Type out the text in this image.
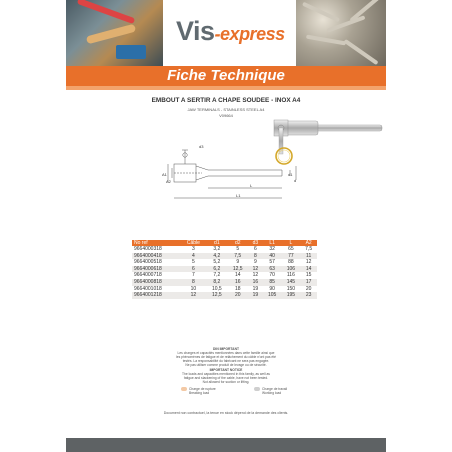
Vis-express
Fiche Technique
EMBOUT A SERTIR A CHAPE SOUDEE - INOX A4
JAW TERMINALS - STAINLESS STEEL A4
V09664
d3
A1
A2
L
L1
d1
d
No ref	Câble	d1	d2	d3	L1	L	A2
9664000318	3	3,2	5	6	32	65	7,5
9664000418	4	4,2	7,5	8	40	77	11
9664000518	5	5,2	9	9	57	88	12
9664000618	6	6,2	12,5	12	63	106	14
9664000718	7	7,2	14	12	70	116	15
9664000818	8	8,2	16	16	85	145	17
9664001018	10	10,5	18	19	90	150	20
9664001218	12	12,5	20	19	105	195	23
DIN IMPORTANT
Les charges et capacités mentionnées dans cette famille ainsi que
les phénomènes de fatigue et de relâchement du câble n'ont pas été
testés. La responsabilité du fabricant ne sera pas engagée.
Ne pas utiliser comme produit de levage ou de sécurité.
IMPORTANT NOTICE
The loads and capacities mentioned in this family, as well as
fatigue and slackening of the cable, have not been tested.
Not allowed for suction or lifting.
Charge de rupture
Breaking load
Charge de travail
Working load
Document non contractuel, la tenue en stock dépend de la demande des clients.
